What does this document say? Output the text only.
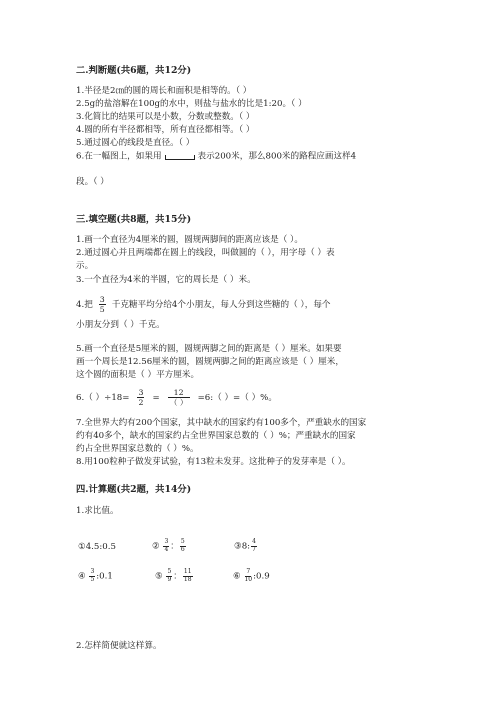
二.判断题(共6题，共12分)
1.半径是2㎝的圆的周长和面积是相等的。（ ）
2.5g的盐溶解在100g的水中，则盐与盐水的比是1:20。（ ）
3.化简比的结果可以是小数，分数或整数。（ ）
4.圆的所有半径都相等，所有直径都相等。（ ）
5.通过圆心的线段是直径。（ ）
6.在一幅图上，如果用	表示200米，那么800米的路程应画这样4
段。（ ）
三.填空题(共8题，共15分)
1.画一个直径为4厘米的圆，圆规两脚间的距离应该是（ ）。
2.通过圆心并且两端都在圆上的线段，叫做圆的（ ），用字母（ ）表
示。
3.一个直径为4米的半圆，它的周长是（ ）米。
4.把 $\frac{3}{5}$ 千克糖平均分给4个小朋友，每人分到这些糖的（ ），每个
小朋友分到（ ）千克。
5.画一个直径是5厘米的圆，圆规两脚之间的距离是（ ）厘米。如果要
画一个周长是12.56厘米的圆，圆规两脚之间的距离应该是（ ）厘米，
这个圆的面积是（ ）平方厘米。
6.（ ）$\div 18= \frac{3}{2} = \frac{12}{( )}$ =6:（ ）=（ ）%。
7.全世界大约有200个国家，其中缺水的国家约有100多个，严重缺水的国家
约有40多个，缺水的国家约占全世界国家总数的（ ）%；严重缺水的国家
约占全世界国家总数的（ ）%。
8.用100粒种子做发芽试验，有13粒未发芽。这批种子的发芽率是（ ）。
四.计算题(共2题，共14分)
1.求比值。
①4.5:0.5	② $\frac{3}{4}$ ： $\frac{5}{6}$	③8: $\frac{4}{7}$
④ $\frac{3}{5}$ :0.1	⑤ $\frac{5}{9}$ ： $\frac{11}{18}$	⑥ $\frac{7}{10}$ :0.9
2.怎样简便就这样算。
